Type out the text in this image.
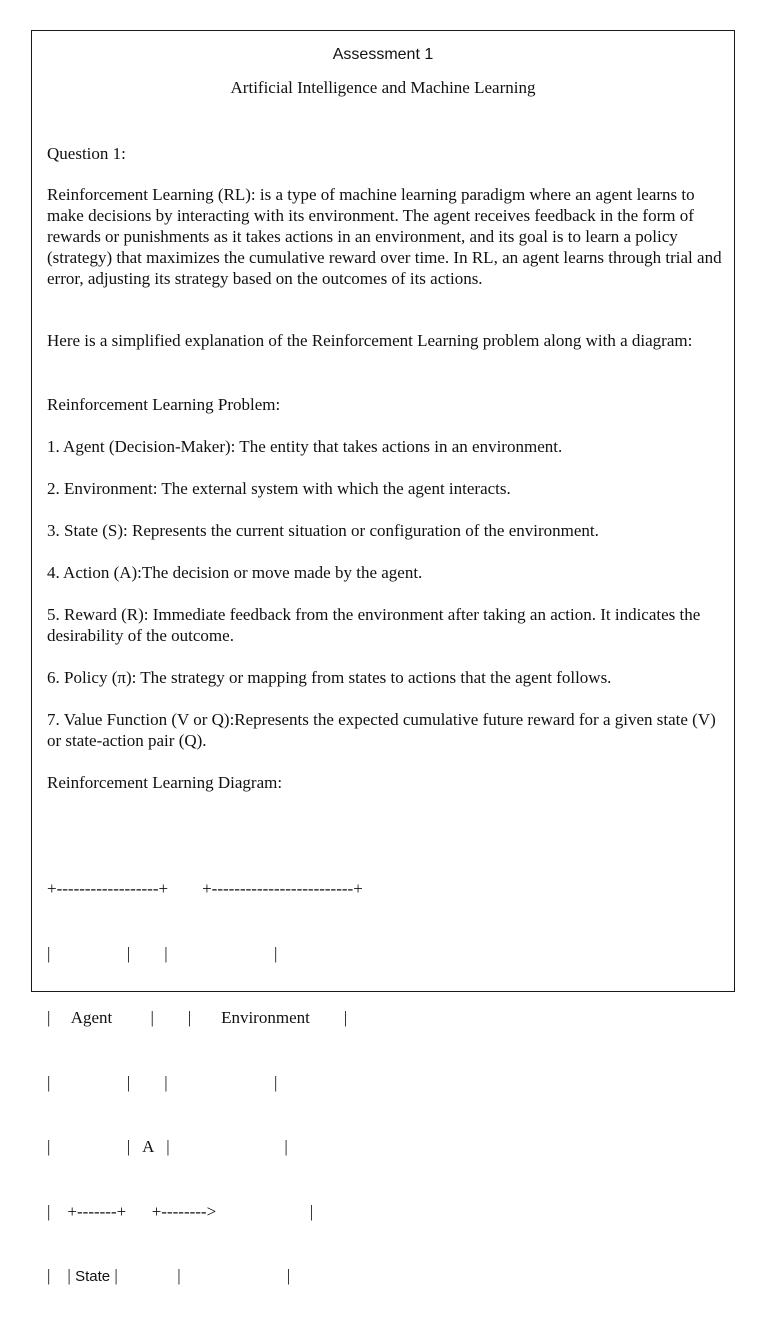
Assessment 1
Artificial Intelligence and Machine Learning

Question 1:

Reinforcement Learning (RL): is a type of machine learning paradigm where an agent learns to make decisions by interacting with its environment. The agent receives feedback in the form of rewards or punishments as it takes actions in an environment, and its goal is to learn a policy (strategy) that maximizes the cumulative reward over time. In RL, an agent learns through trial and error, adjusting its strategy based on the outcomes of its actions.

Here is a simplified explanation of the Reinforcement Learning problem along with a diagram:

Reinforcement Learning Problem:

1. Agent (Decision-Maker): The entity that takes actions in an environment.

2. Environment: The external system with which the agent interacts.

3. State (S): Represents the current situation or configuration of the environment.

4. Action (A):The decision or move made by the agent.

5. Reward (R): Immediate feedback from the environment after taking an action. It indicates the desirability of the outcome.

6. Policy (π): The strategy or mapping from states to actions that the agent follows.

7. Value Function (V or Q):Represents the expected cumulative future reward for a given state (V) or state-action pair (Q).

Reinforcement Learning Diagram:

+------------------+ +-------------------------+

|                  |        |                         |

|     Agent         |        |       Environment        |

|                  |        |                         |

|                  |   A   |                           |

|    +-------+ +-------->                      |

|    | State |              |                         |
